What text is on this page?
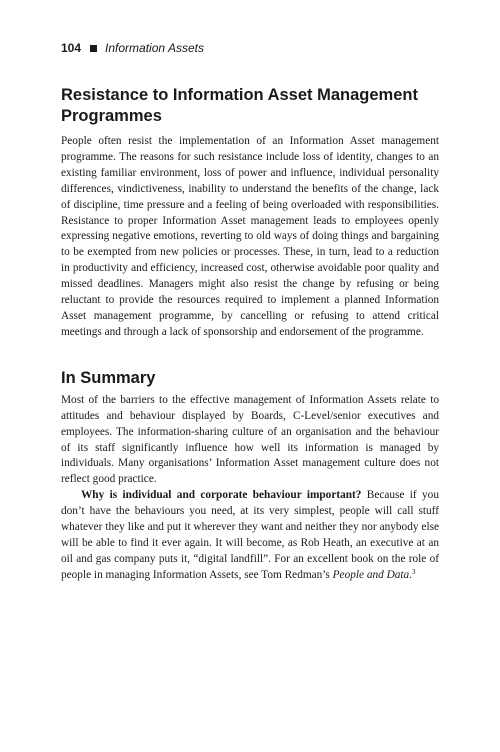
104 Information Assets
Resistance to Information Asset Management Programmes

People often resist the implementation of an Information Asset management programme. The reasons for such resistance include loss of identity, changes to an existing familiar environment, loss of power and influence, individual personality differences, vindictiveness, inability to understand the benefits of the change, lack of discipline, time pressure and a feeling of being overloaded with responsibilities. Resistance to proper Information Asset management leads to employees openly expressing negative emotions, reverting to old ways of doing things and bargaining to be exempted from new policies or processes. These, in turn, lead to a reduction in productivity and efficiency, increased cost, otherwise avoidable poor quality and missed deadlines. Managers might also resist the change by refusing or being reluctant to provide the resources required to implement a planned Information Asset management programme, by cancelling or refusing to attend critical meetings and through a lack of sponsorship and endorsement of the programme.

In Summary

Most of the barriers to the effective management of Information Assets relate to attitudes and behaviour displayed by Boards, C-Level/senior executives and employees. The information-sharing culture of an organisation and the behaviour of its staff significantly influence how well its information is managed by individuals. Many organisations’ Information Asset management culture does not reflect good practice.

Why is individual and corporate behaviour important? Because if you don’t have the behaviours you need, at its very simplest, people will call stuff whatever they like and put it wherever they want and neither they nor anybody else will be able to find it ever again. It will become, as Rob Heath, an executive at an oil and gas company puts it, “digital landfill”. For an excellent book on the role of people in managing Information Assets, see Tom Redman’s People and Data.$^3$
